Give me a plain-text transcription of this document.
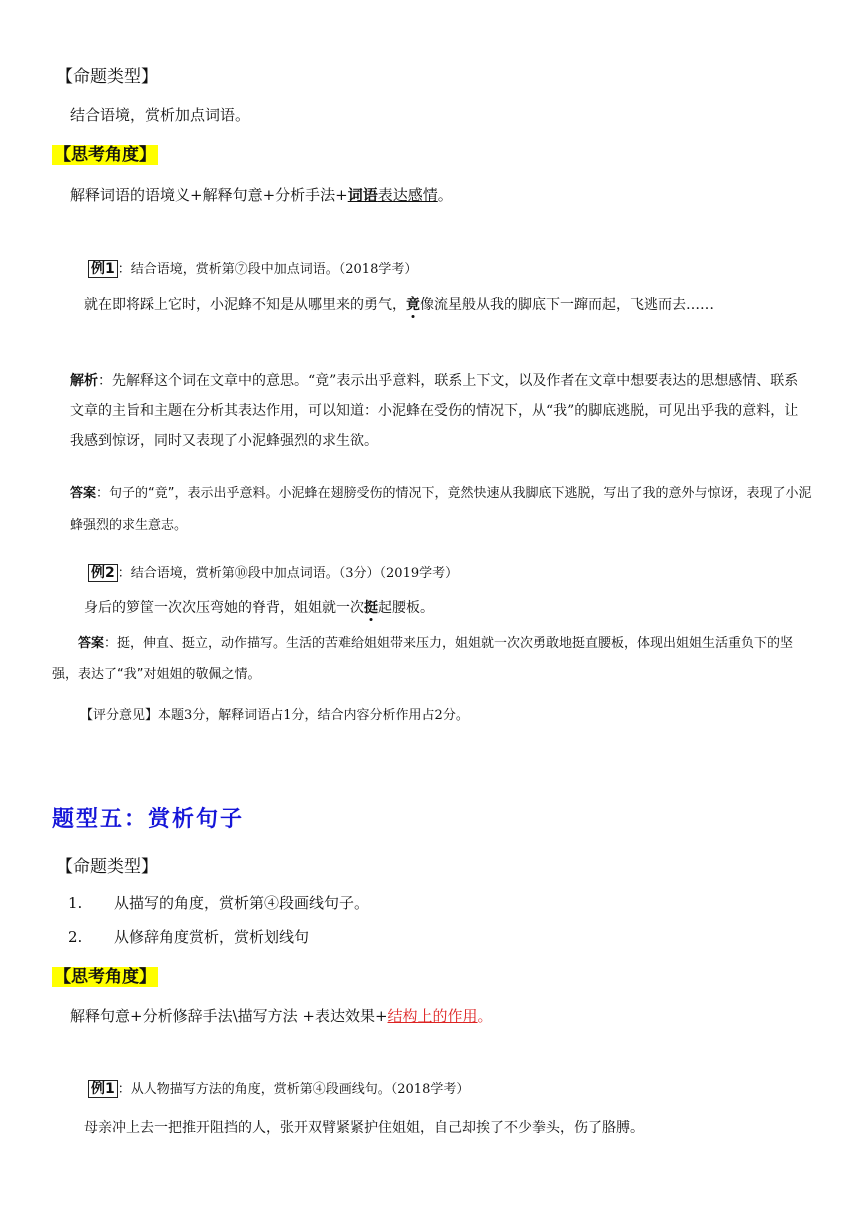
【命题类型】
结合语境，赏析加点词语。
【思考角度】
解释词语的语境义+解释句意+分析手法+词语表达感情。
例1 ：结合语境，赏析第⑦段中加点词语。（2018学考）
就在即将踩上它时，小泥蜂不知是从哪里来的勇气，竟像流星般从我的脚底下一蹿而起，飞逃而去……
解析：先解释这个词在文章中的意思。“竟”表示出乎意料，联系上下文，以及作者在文章中想要表达的思想感情、联系文章的主旨和主题在分析其表达作用，可以知道：小泥蜂在受伤的情况下，从“我”的脚底逃脱，可见出乎我的意料，让我感到惊讶，同时又表现了小泥蜂强烈的求生欲。
答案：句子的“竟”，表示出乎意料。小泥蜂在翅膀受伤的情况下，竟然快速从我脚底下逃脱，写出了我的意外与惊讶，表现了小泥蜂强烈的求生意志。
例2 ：结合语境，赏析第⑩段中加点词语。（3分）（2019学考）
身后的箩筐一次次压弯她的脊背，姐姐就一次挺起腰板。
答案：挺，伸直、挺立，动作描写。生活的苦难给姐姐带来压力，姐姐就一次次勇敢地挺直腰板，体现出姐姐生活重负下的坚强，表达了“我”对姐姐的敬佩之情。
【评分意见】本题3分，解释词语占1分，结合内容分析作用占2分。
题型五：赏析句子
【命题类型】
1. 从描写的角度，赏析第④段画线句子。
2. 从修辞角度赏析，赏析划线句
【思考角度】
解释句意+分析修辞手法\描写方法 +表达效果+结构上的作用。
例1 ：从人物描写方法的角度，赏析第④段画线句。（2018学考）
母亲冲上去一把推开阻挡的人，张开双臂紧紧护住姐姐，自己却挨了不少拳头，伤了胳膊。
